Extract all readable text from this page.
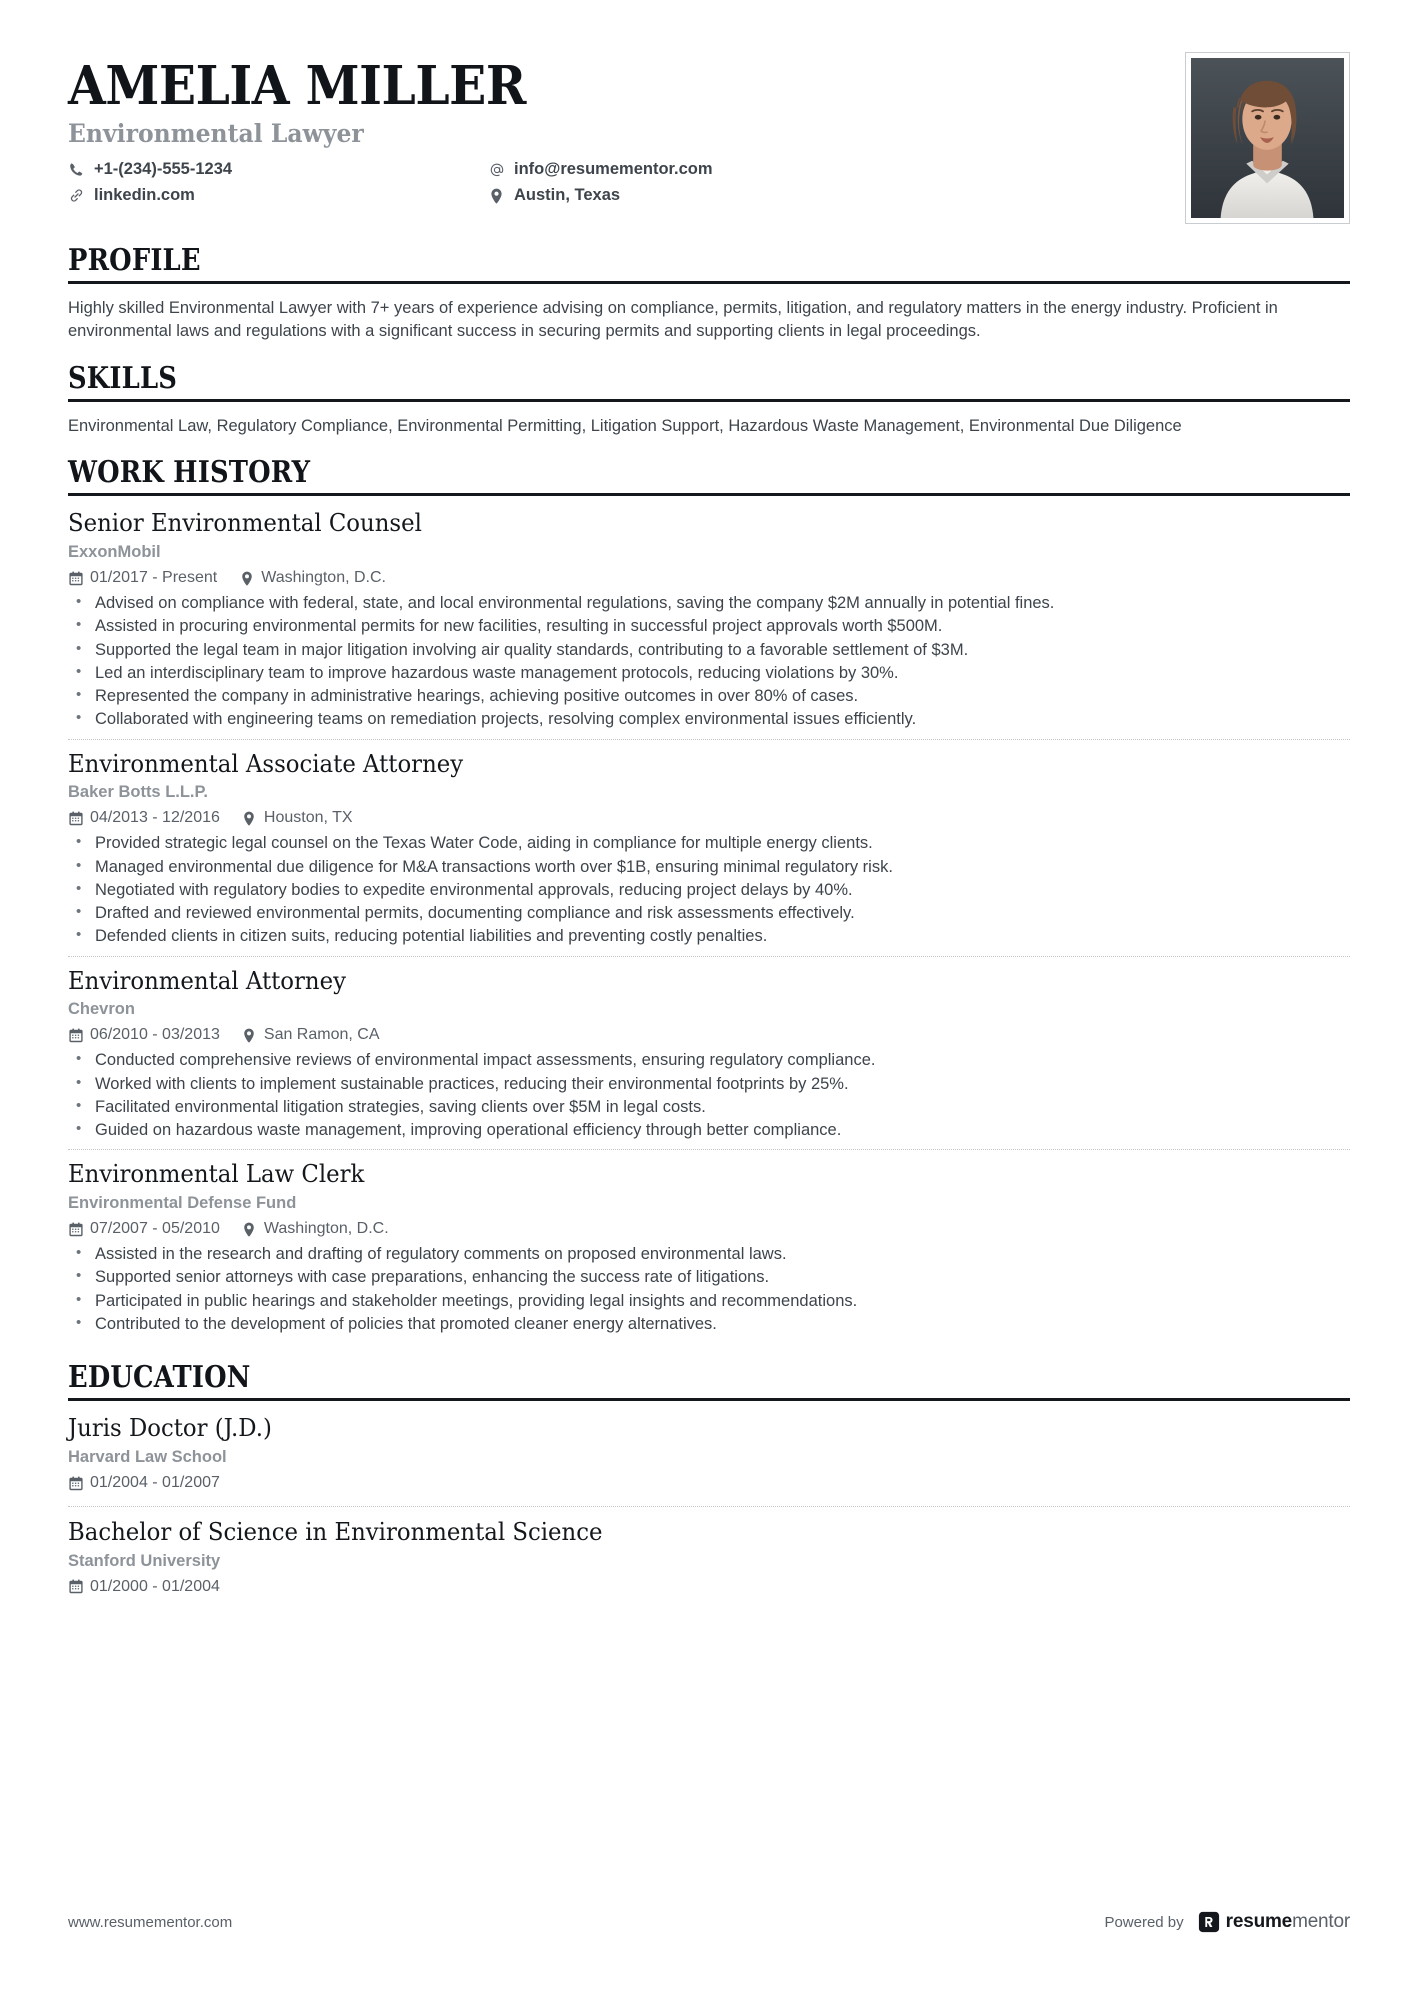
AMELIA MILLER
Environmental Lawyer
+1-(234)-555-1234
linkedin.com
info@resumementor.com
Austin, Texas
PROFILE

Highly skilled Environmental Lawyer with 7+ years of experience advising on compliance, permits, litigation, and regulatory matters in the energy industry. Proficient in environmental laws and regulations with a significant success in securing permits and supporting clients in legal proceedings.

SKILLS

Environmental Law, Regulatory Compliance, Environmental Permitting, Litigation Support, Hazardous Waste Management, Environmental Due Diligence

WORK HISTORY
Senior Environmental Counsel
ExxonMobil
01/2017 - Present	Washington, D.C.
• Advised on compliance with federal, state, and local environmental regulations, saving the company $2M annually in potential fines.
• Assisted in procuring environmental permits for new facilities, resulting in successful project approvals worth $500M.
• Supported the legal team in major litigation involving air quality standards, contributing to a favorable settlement of $3M.
• Led an interdisciplinary team to improve hazardous waste management protocols, reducing violations by 30%.
• Represented the company in administrative hearings, achieving positive outcomes in over 80% of cases.
• Collaborated with engineering teams on remediation projects, resolving complex environmental issues efficiently.
Environmental Associate Attorney
Baker Botts L.L.P.
04/2013 - 12/2016	Houston, TX
• Provided strategic legal counsel on the Texas Water Code, aiding in compliance for multiple energy clients.
• Managed environmental due diligence for M&A transactions worth over $1B, ensuring minimal regulatory risk.
• Negotiated with regulatory bodies to expedite environmental approvals, reducing project delays by 40%.
• Drafted and reviewed environmental permits, documenting compliance and risk assessments effectively.
• Defended clients in citizen suits, reducing potential liabilities and preventing costly penalties.
Environmental Attorney
Chevron
06/2010 - 03/2013	San Ramon, CA
• Conducted comprehensive reviews of environmental impact assessments, ensuring regulatory compliance.
• Worked with clients to implement sustainable practices, reducing their environmental footprints by 25%.
• Facilitated environmental litigation strategies, saving clients over $5M in legal costs.
• Guided on hazardous waste management, improving operational efficiency through better compliance.
Environmental Law Clerk
Environmental Defense Fund
07/2007 - 05/2010	Washington, D.C.
• Assisted in the research and drafting of regulatory comments on proposed environmental laws.
• Supported senior attorneys with case preparations, enhancing the success rate of litigations.
• Participated in public hearings and stakeholder meetings, providing legal insights and recommendations.
• Contributed to the development of policies that promoted cleaner energy alternatives.
EDUCATION
Juris Doctor (J.D.)
Harvard Law School
01/2004 - 01/2007
Bachelor of Science in Environmental Science
Stanford University
01/2000 - 01/2004
www.resumementor.com	Powered by resumementor
